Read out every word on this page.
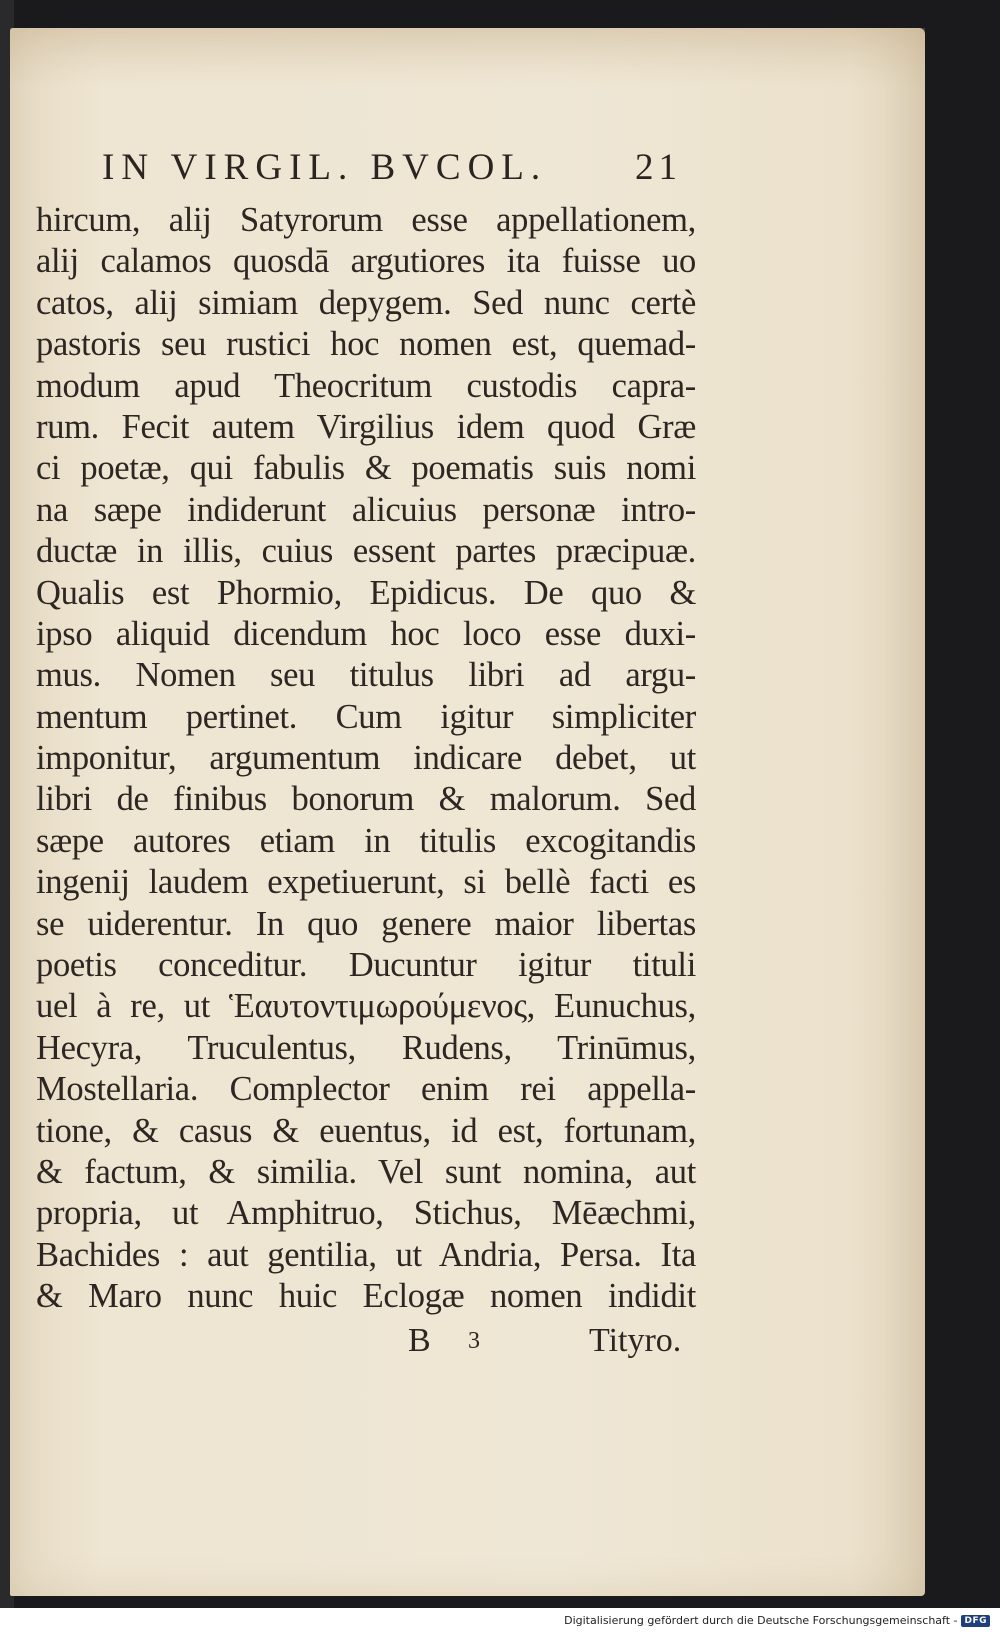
IN VIRGIL. BVCOL. 21
hircum, alij Satyrorum esse appellationem,
alij calamos quosdā argutiores ita fuisse uo
catos, alij simiam depygem. Sed nunc certè
pastoris seu rustici hoc nomen est, quemad-
modum apud Theocritum custodis capra-
rum. Fecit autem Virgilius idem quod Græ
ci poetæ, qui fabulis & poematis suis nomi
na sæpe indiderunt alicuius personæ intro-
ductæ in illis, cuius essent partes præcipuæ.
Qualis est Phormio, Epidicus. De quo &
ipso aliquid dicendum hoc loco esse duxi-
mus. Nomen seu titulus libri ad argu-
mentum pertinet. Cum igitur simpliciter
imponitur, argumentum indicare debet, ut
libri de finibus bonorum & malorum. Sed
sæpe autores etiam in titulis excogitandis
ingenij laudem expetiuerunt, si bellè facti es
se uiderentur. In quo genere maior libertas
poetis conceditur. Ducuntur igitur tituli
uel à re, ut Ἑαυτοντιμωρούμενος, Eunuchus,
Hecyra, Truculentus, Rudens, Trinūmus,
Mostellaria. Complector enim rei appella-
tione, & casus & euentus, id est, fortunam,
& factum, & similia. Vel sunt nomina, aut
propria, ut Amphitruo, Stichus, Mēæchmi,
Bachides : aut gentilia, ut Andria, Persa. Ita
& Maro nunc huic Eclogæ nomen indidit
B 3	Tityro.
Digitalisierung gefördert durch die Deutsche Forschungsgemeinschaft - DFG
